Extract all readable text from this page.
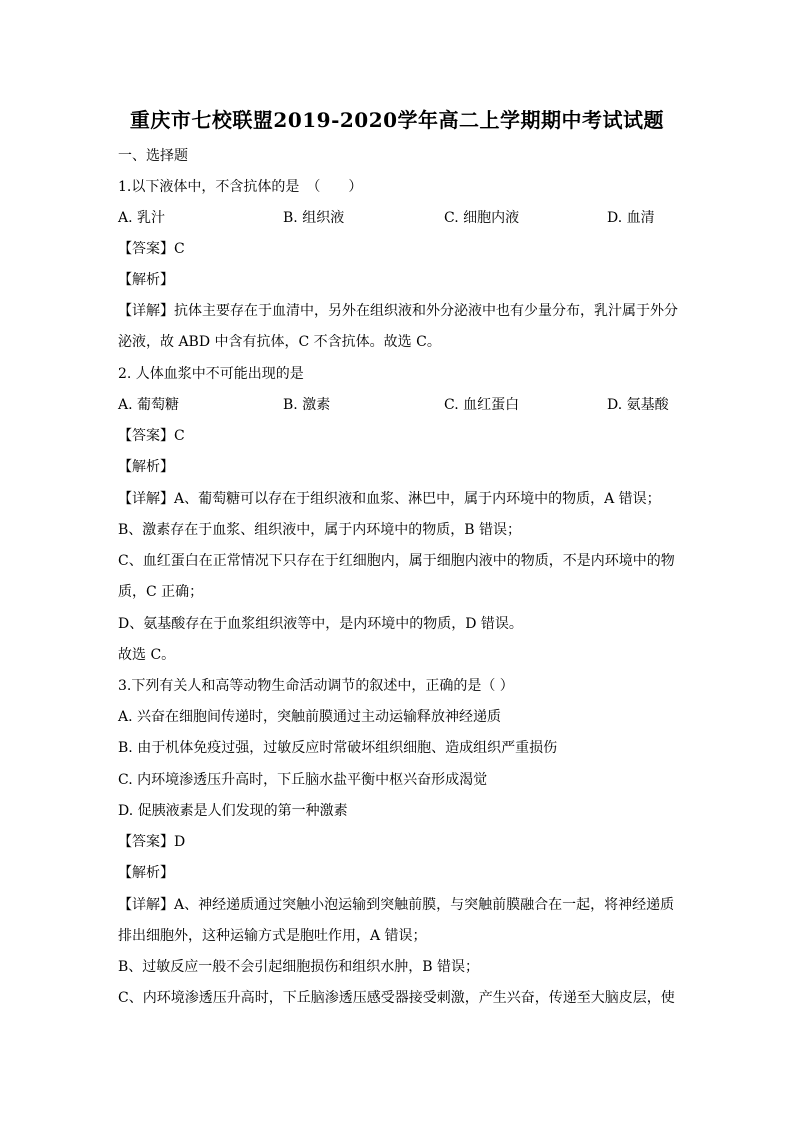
重庆市七校联盟2019-2020学年高二上学期期中考试试题
一、选择题
1.以下液体中，不含抗体的是　（　　）
A. 乳汁	B. 组织液	C. 细胞内液	D. 血清
【答案】C
【解析】
【详解】抗体主要存在于血清中，另外在组织液和外分泌液中也有少量分布，乳汁属于外分
泌液，故 ABD 中含有抗体，C 不含抗体。故选 C。
2. 人体血浆中不可能出现的是
A. 葡萄糖	B. 激素	C. 血红蛋白	D. 氨基酸
【答案】C
【解析】
【详解】A、葡萄糖可以存在于组织液和血浆、淋巴中，属于内环境中的物质，A 错误；
B、激素存在于血浆、组织液中，属于内环境中的物质，B 错误；
C、血红蛋白在正常情况下只存在于红细胞内，属于细胞内液中的物质，不是内环境中的物
质，C 正确；
D、氨基酸存在于血浆组织液等中，是内环境中的物质，D 错误。
故选 C。
3.下列有关人和高等动物生命活动调节的叙述中，正确的是（ ）
A. 兴奋在细胞间传递时，突触前膜通过主动运输释放神经递质
B. 由于机体免疫过强，过敏反应时常破坏组织细胞、造成组织严重损伤
C. 内环境渗透压升高时，下丘脑水盐平衡中枢兴奋形成渴觉
D. 促胰液素是人们发现的第一种激素
【答案】D
【解析】
【详解】A、神经递质通过突触小泡运输到突触前膜，与突触前膜融合在一起，将神经递质
排出细胞外，这种运输方式是胞吐作用，A 错误；
B、过敏反应一般不会引起细胞损伤和组织水肿，B 错误；
C、内环境渗透压升高时，下丘脑渗透压感受器接受刺激，产生兴奋，传递至大脑皮层，使
